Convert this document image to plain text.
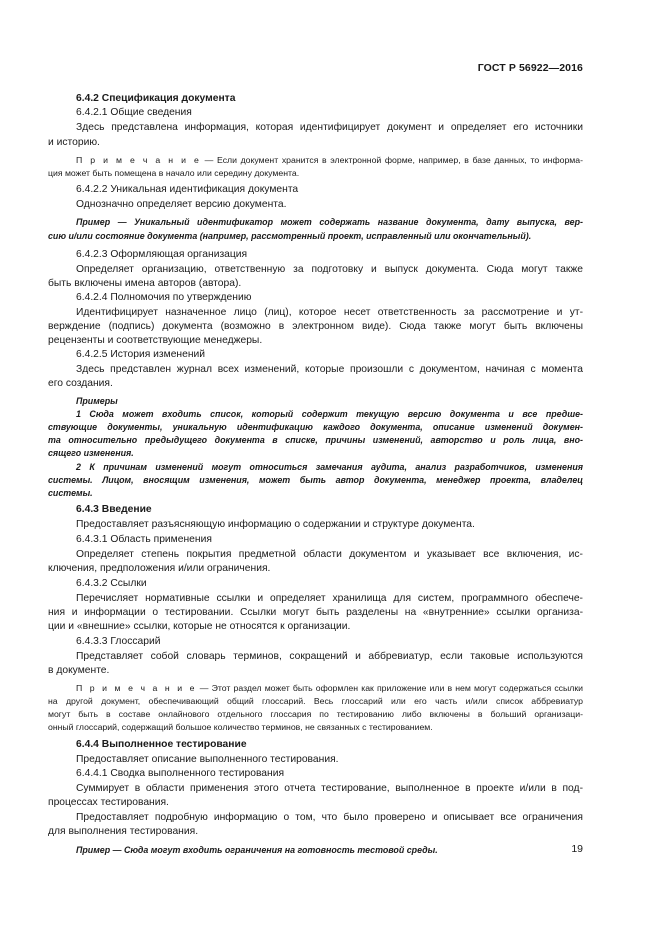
ГОСТ Р 56922—2016
6.4.2 Спецификация документа
6.4.2.1 Общие сведения
Здесь представлена информация, которая идентифицирует документ и определяет его источники
и историю.
П р и м е ч а н и е — Если документ хранится в электронной форме, например, в базе данных, то информа-
ция может быть помещена в начало или середину документа.
6.4.2.2 Уникальная идентификация документа
Однозначно определяет версию документа.
Пример — Уникальный идентификатор может содержать название документа, дату выпуска, вер-
сию и/или состояние документа (например, рассмотренный проект, исправленный или окончательный).
6.4.2.3 Оформляющая организация
Определяет организацию, ответственную за подготовку и выпуск документа. Сюда могут также
быть включены имена авторов (автора).
6.4.2.4 Полномочия по утверждению
Идентифицирует назначенное лицо (лиц), которое несет ответственность за рассмотрение и ут-
верждение (подпись) документа (возможно в электронном виде). Сюда также могут быть включены
рецензенты и соответствующие менеджеры.
6.4.2.5 История изменений
Здесь представлен журнал всех изменений, которые произошли с документом, начиная с момента
его создания.
Примеры
1 Сюда может входить список, который содержит текущую версию документа и все предше-
ствующие документы, уникальную идентификацию каждого документа, описание изменений докумен-
та относительно предыдущего документа в списке, причины изменений, авторство и роль лица, вно-
сящего изменения.
2 К причинам изменений могут относиться замечания аудита, анализ разработчиков, изменения
системы. Лицом, вносящим изменения, может быть автор документа, менеджер проекта, владелец
системы.
6.4.3 Введение
Предоставляет разъясняющую информацию о содержании и структуре документа.
6.4.3.1 Область применения
Определяет степень покрытия предметной области документом и указывает все включения, ис-
ключения, предположения и/или ограничения.
6.4.3.2 Ссылки
Перечисляет нормативные ссылки и определяет хранилища для систем, программного обеспече-
ния и информации о тестировании. Ссылки могут быть разделены на «внутренние» ссылки организа-
ции и «внешние» ссылки, которые не относятся к организации.
6.4.3.3 Глоссарий
Представляет собой словарь терминов, сокращений и аббревиатур, если таковые используются
в документе.
П р и м е ч а н и е — Этот раздел может быть оформлен как приложение или в нем могут содержаться ссылки
на другой документ, обеспечивающий общий глоссарий. Весь глоссарий или его часть и/или список аббревиатур
могут быть в составе онлайнового отдельного глоссария по тестированию либо включены в больший организаци-
онный глоссарий, содержащий большое количество терминов, не связанных с тестированием.
6.4.4 Выполненное тестирование
Предоставляет описание выполненного тестирования.
6.4.4.1 Сводка выполненного тестирования
Суммирует в области применения этого отчета тестирование, выполненное в проекте и/или в под-
процессах тестирования.
Предоставляет подробную информацию о том, что было проверено и описывает все ограничения
для выполнения тестирования.
Пример — Сюда могут входить ограничения на готовность тестовой среды.	19
